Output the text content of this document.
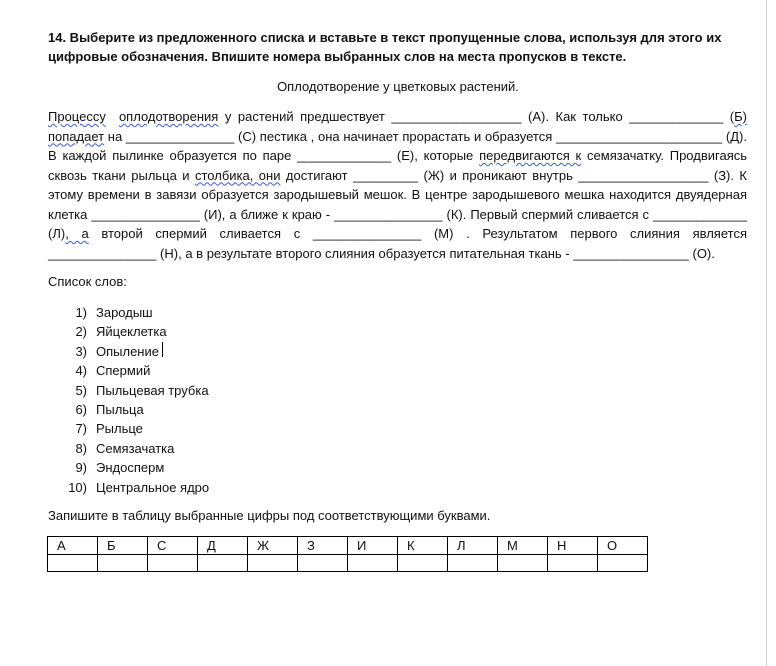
14. Выберите из предложенного списка и вставьте в текст пропущенные слова, используя для этого их цифровые обозначения. Впишите номера выбранных слов на места пропусков в тексте.
Оплодотворение у цветковых растений.

Процессу оплодотворения у растений предшествует __________________ (А). Как только _____________ (Б) попадает на _______________ (С) пестика , она начинает прорастать и образуется _______________________ (Д). В каждой пылинке образуется по паре _____________ (Е), которые передвигаются к семязачатку. Продвигаясь сквозь ткани рыльца и столбика, они достигают _________ (Ж) и проникают внутрь __________________ (З). К этому времени в завязи образуется зародышевый мешок. В центре зародышевого мешка находится двуядерная клетка _______________ (И), а ближе к краю - _______________ (К). Первый спермий сливается с _____________ (Л), а второй спермий сливается с _______________ (М) . Результатом первого слияния является _______________ (Н), а в результате второго слияния образуется питательная ткань - ________________ (О).

Список слов:
1) Зародыш
2) Яйцеклетка
3) Опыление
4) Спермий
5) Пыльцевая трубка
6) Пыльца
7) Рыльце
8) Семязачатка
9) Эндосперм
10) Центральное ядро
Запишите в таблицу выбранные цифры под соответствующими буквами.
А	Б	С	Д	Ж	З	И	К	Л	М	Н	О
